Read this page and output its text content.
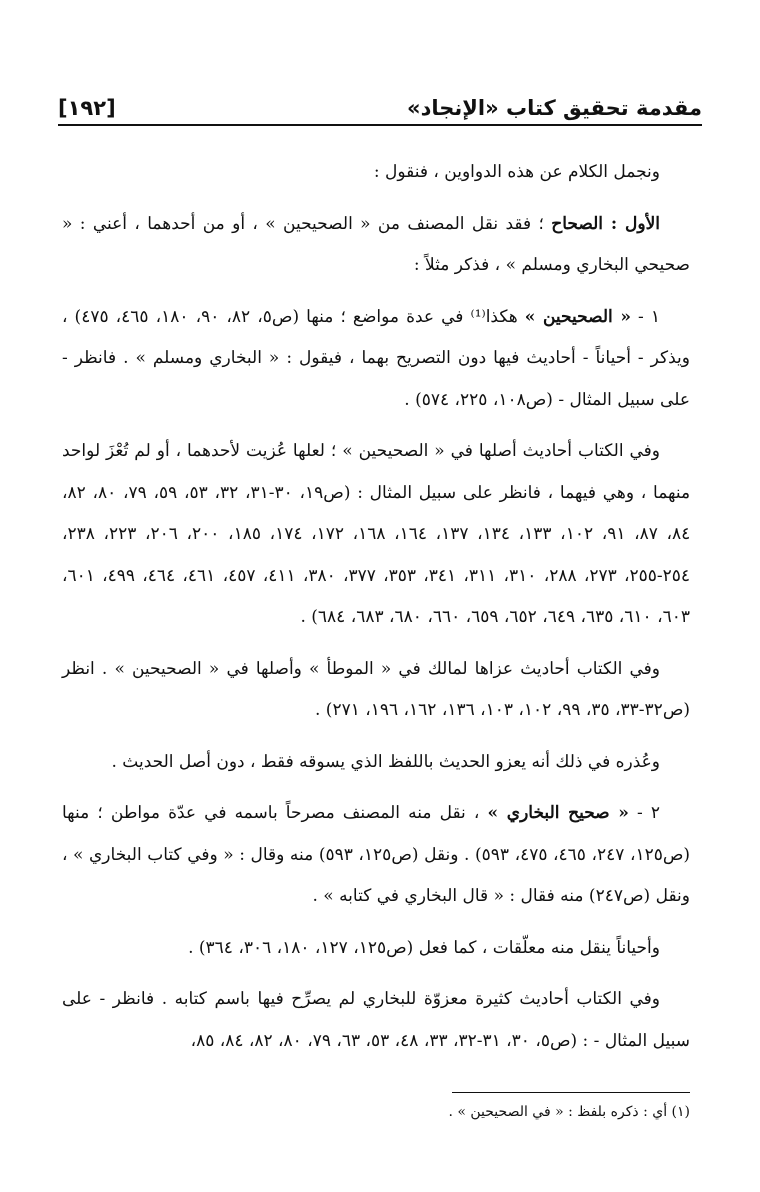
مقدمة تحقيق كتاب «الإنجاد»
[١٩٢]

ونجمل الكلام عن هذه الدواوين ، فنقول :

الأول : الصحاح ؛ فقد نقل المصنف من « الصحيحين » ، أو من أحدهما ، أعني : « صحيحي البخاري ومسلم » ، فذكر مثلاً :

١ - « الصحيحين » هكذا⁽¹⁾ في عدة مواضع ؛ منها (ص٥، ٨٢، ٩٠، ١٨٠، ٤٦٥، ٤٧٥) ، ويذكر - أحياناً - أحاديث فيها دون التصريح بهما ، فيقول : « البخاري ومسلم » . فانظر - على سبيل المثال - (ص١٠٨، ٢٢٥، ٥٧٤) .

وفي الكتاب أحاديث أصلها في « الصحيحين » ؛ لعلها عُزيت لأحدهما ، أو لم تُعْزَ لواحد منهما ، وهي فيهما ، فانظر على سبيل المثال : (ص١٩، ٣٠-٣١، ٣٢، ٥٣، ٥٩، ٧٩، ٨٠، ٨٢، ٨٤، ٨٧، ٩١، ١٠٢، ١٣٣، ١٣٤، ١٣٧، ١٦٤، ١٦٨، ١٧٢، ١٧٤، ١٨٥، ٢٠٠، ٢٠٦، ٢٢٣، ٢٣٨، ٢٥٤-٢٥٥، ٢٧٣، ٢٨٨، ٣١٠، ٣١١، ٣٤١، ٣٥٣، ٣٧٧، ٣٨٠، ٤١١، ٤٥٧، ٤٦١، ٤٦٤، ٤٩٩، ٦٠١، ٦٠٣، ٦١٠، ٦٣٥، ٦٤٩، ٦٥٢، ٦٥٩، ٦٦٠، ٦٨٠، ٦٨٣، ٦٨٤) .

وفي الكتاب أحاديث عزاها لمالك في « الموطأ » وأصلها في « الصحيحين » . انظر (ص٣٢-٣٣، ٣٥، ٩٩، ١٠٢، ١٠٣، ١٣٦، ١٦٢، ١٩٦، ٢٧١) .

وعُذره في ذلك أنه يعزو الحديث باللفظ الذي يسوقه فقط ، دون أصل الحديث .

٢ - « صحيح البخاري » ، نقل منه المصنف مصرحاً باسمه في عدّة مواطن ؛ منها (ص١٢٥، ٢٤٧، ٤٦٥، ٤٧٥، ٥٩٣) . ونقل (ص١٢٥، ٥٩٣) منه وقال : « وفي كتاب البخاري » ، ونقل (ص٢٤٧) منه فقال : « قال البخاري في كتابه » .

وأحياناً ينقل منه معلّقات ، كما فعل (ص١٢٥، ١٢٧، ١٨٠، ٣٠٦، ٣٦٤) .

وفي الكتاب أحاديث كثيرة معزوّة للبخاري لم يصرِّح فيها باسم كتابه . فانظر - على سبيل المثال - : (ص٥، ٣٠، ٣١-٣٢، ٣٣، ٤٨، ٥٣، ٦٣، ٧٩، ٨٠، ٨٢، ٨٤، ٨٥،

(١) أي : ذكره بلفظ : « في الصحيحين » .
